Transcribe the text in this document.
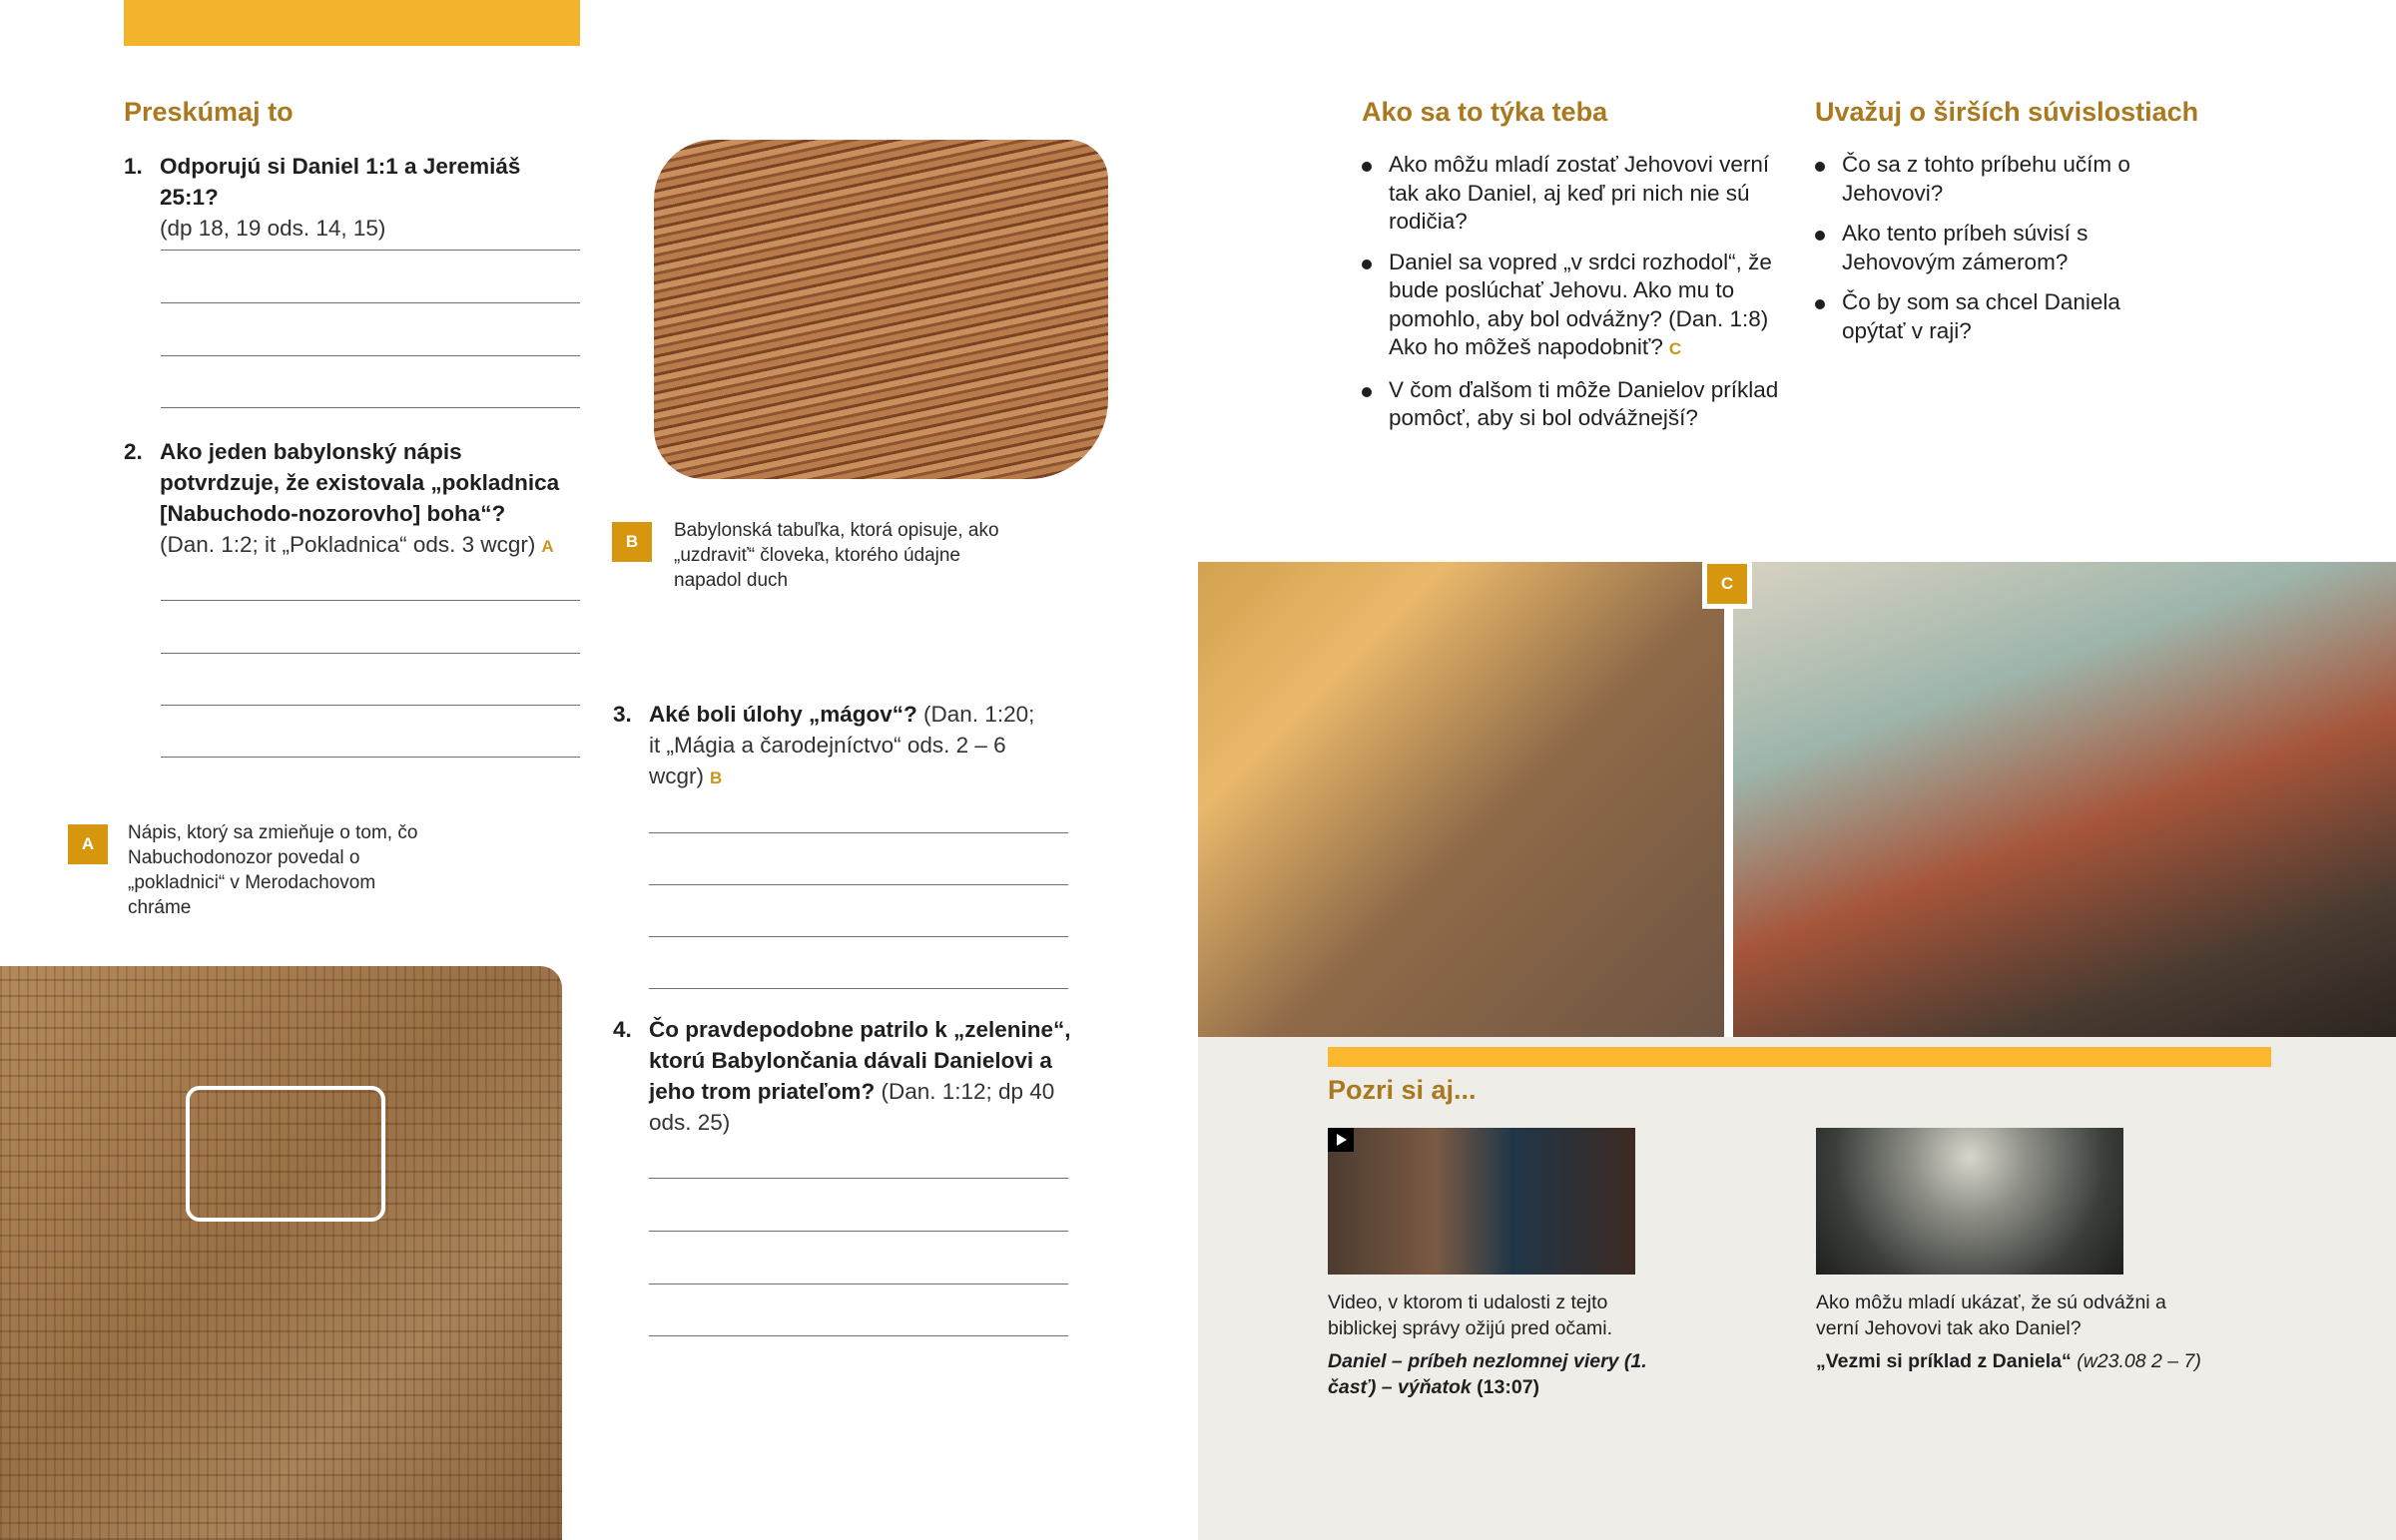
Preskúmaj to
1. Odporujú si Daniel 1:1 a Jeremiáš 25:1?
(dp 18, 19 ods. 14, 15)
2. Ako jeden babylonský nápis potvrdzuje, že existovala „pokladnica [Nabuchodo-nozorovho] boha“?
(Dan. 1:2; it „Pokladnica“ ods. 3 wcgr) A
A
Nápis, ktorý sa zmieňuje o tom, čo Nabuchodonozor povedal o „pokladnici“ v Merodachovom chráme
B
Babylonská tabuľka, ktorá opisuje, ako „uzdraviť“ človeka, ktorého údajne napadol duch
3. Aké boli úlohy „mágov“? (Dan. 1:20; it „Mágia a čarodejníctvo“ ods. 2 – 6 wcgr) B
4. Čo pravdepodobne patrilo k „zelenine“, ktorú Babylončania dávali Danielovi a jeho trom priateľom? (Dan. 1:12; dp 40 ods. 25)
Ako sa to týka teba
Ako môžu mladí zostať Jehovovi verní tak ako Daniel, aj keď pri nich nie sú rodičia?
Daniel sa vopred „v srdci rozhodol“, že bude poslúchať Jehovu. Ako mu to pomohlo, aby bol odvážny? (Dan. 1:8) Ako ho môžeš napodobniť? C
V čom ďalšom ti môže Danielov príklad pomôcť, aby si bol odvážnejší?
Uvažuj o širších súvislostiach
Čo sa z tohto príbehu učím o Jehovovi?
Ako tento príbeh súvisí s Jehovovým zámerom?
Čo by som sa chcel Daniela opýtať v raji?
C
Pozri si aj...
Video, v ktorom ti udalosti z tejto biblickej správy ožijú pred očami.
Daniel – príbeh nezlomnej viery (1. časť) – výňatok (13:07)
Ako môžu mladí ukázať, že sú odvážni a verní Jehovovi tak ako Daniel?
„Vezmi si príklad z Daniela“ (w23.08 2 – 7)
